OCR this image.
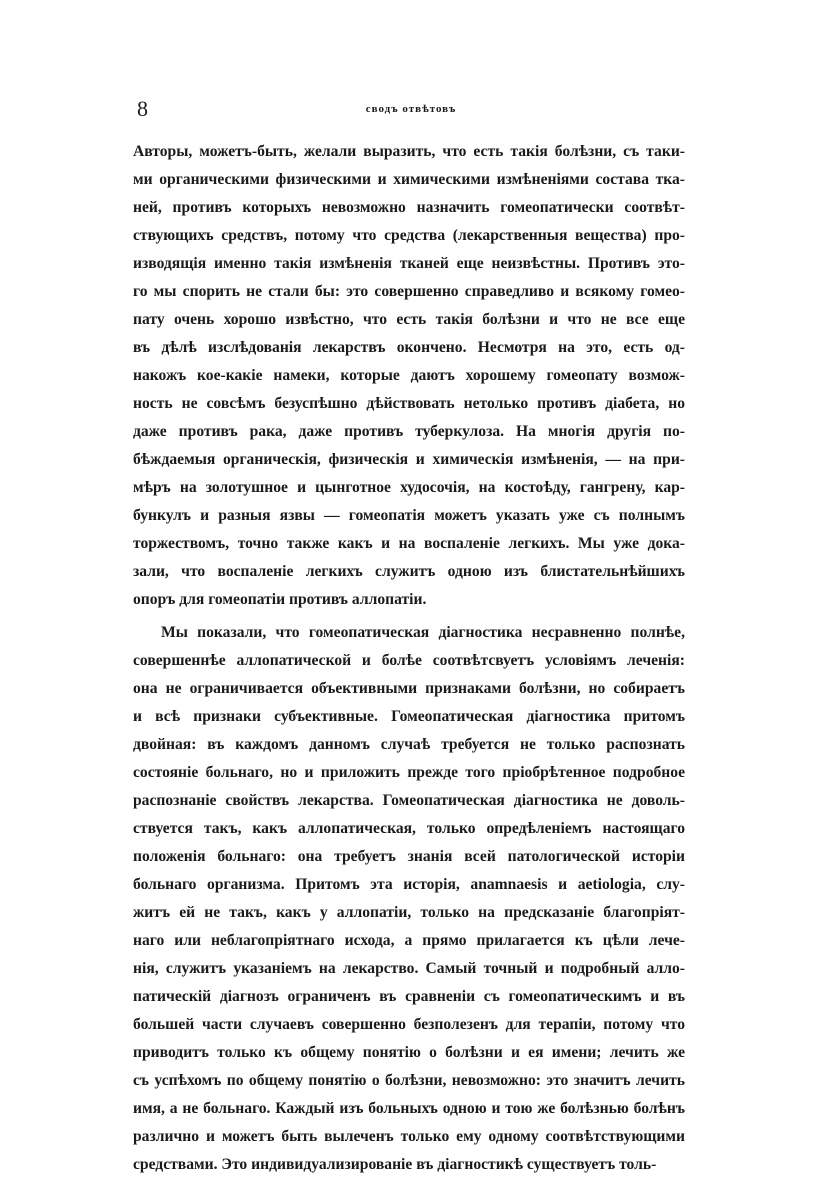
8	сводъ отвѣтовъ
Авторы, можетъ-быть, желали выразить, что есть такія болѣзни, съ таки-
ми органическими физическими и химическими измѣненіями состава тка-
ней, противъ которыхъ невозможно назначить гомеопатически соотвѣт-
ствующихъ средствъ, потому что средства (лекарственныя вещества) про-
изводящія именно такія измѣненія тканей еще неизвѣстны. Противъ это-
го мы спорить не стали бы: это совершенно справедливо и всякому гомео-
пату очень хорошо извѣстно, что есть такія болѣзни и что не все еще
въ дѣлѣ изслѣдованія лекарствъ окончено. Несмотря на это, есть од-
накожъ кое-какіе намеки, которые даютъ хорошему гомеопату возмож-
ность не совсѣмъ безуспѣшно дѣйствовать нетолько противъ діабета, но
даже противъ рака, даже противъ туберкулоза. На многія другія по-
бѣждаемыя органическія, физическія и химическія измѣненія, — на при-
мѣръ на золотушное и цынготное худосочія, на костоѣду, гангрену, кар-
бункулъ и разныя язвы — гомеопатія можетъ указать уже съ полнымъ
торжествомъ, точно также какъ и на воспаленіе легкихъ. Мы уже дока-
зали, что воспаленіе легкихъ служитъ одною изъ блистательнѣйшихъ
опоръ для гомеопатіи противъ аллопатіи.
Мы показали, что гомеопатическая діагностика несравненно полнѣе,
совершеннѣе аллопатической и болѣе соотвѣтсвуетъ условіямъ леченія:
она не ограничивается объективными признаками болѣзни, но собираетъ
и всѣ признаки субъективные. Гомеопатическая діагностика притомъ
двойная: въ каждомъ данномъ случаѣ требуется не только распознать
состояніе больнаго, но и приложить прежде того пріобрѣтенное подробное
распознаніе свойствъ лекарства. Гомеопатическая діагностика не доволь-
ствуется такъ, какъ аллопатическая, только опредѣленіемъ настоящаго
положенія больнаго: она требуетъ знанія всей патологической исторіи
больнаго организма. Притомъ эта исторія, anamnaesis и aetiologia, слу-
житъ ей не такъ, какъ у аллопатіи, только на предсказаніе благопріят-
наго или неблагопріятнаго исхода, а прямо прилагается къ цѣли лече-
нія, служитъ указаніемъ на лекарство. Самый точный и подробный алло-
патическій діагнозъ ограниченъ въ сравненіи съ гомеопатическимъ и въ
большей части случаевъ совершенно безполезенъ для терапіи, потому что
приводитъ только къ общему понятію о болѣзни и ея имени; лечить же
съ успѣхомъ по общему понятію о болѣзни, невозможно: это значитъ лечить
имя, а не больнаго. Каждый изъ больныхъ одною и тою же болѣзнью болѣнъ
различно и можетъ быть вылеченъ только ему одному соотвѣтствующими
средствами. Это индивидуализированіе въ діагностикѣ существуетъ толь-
